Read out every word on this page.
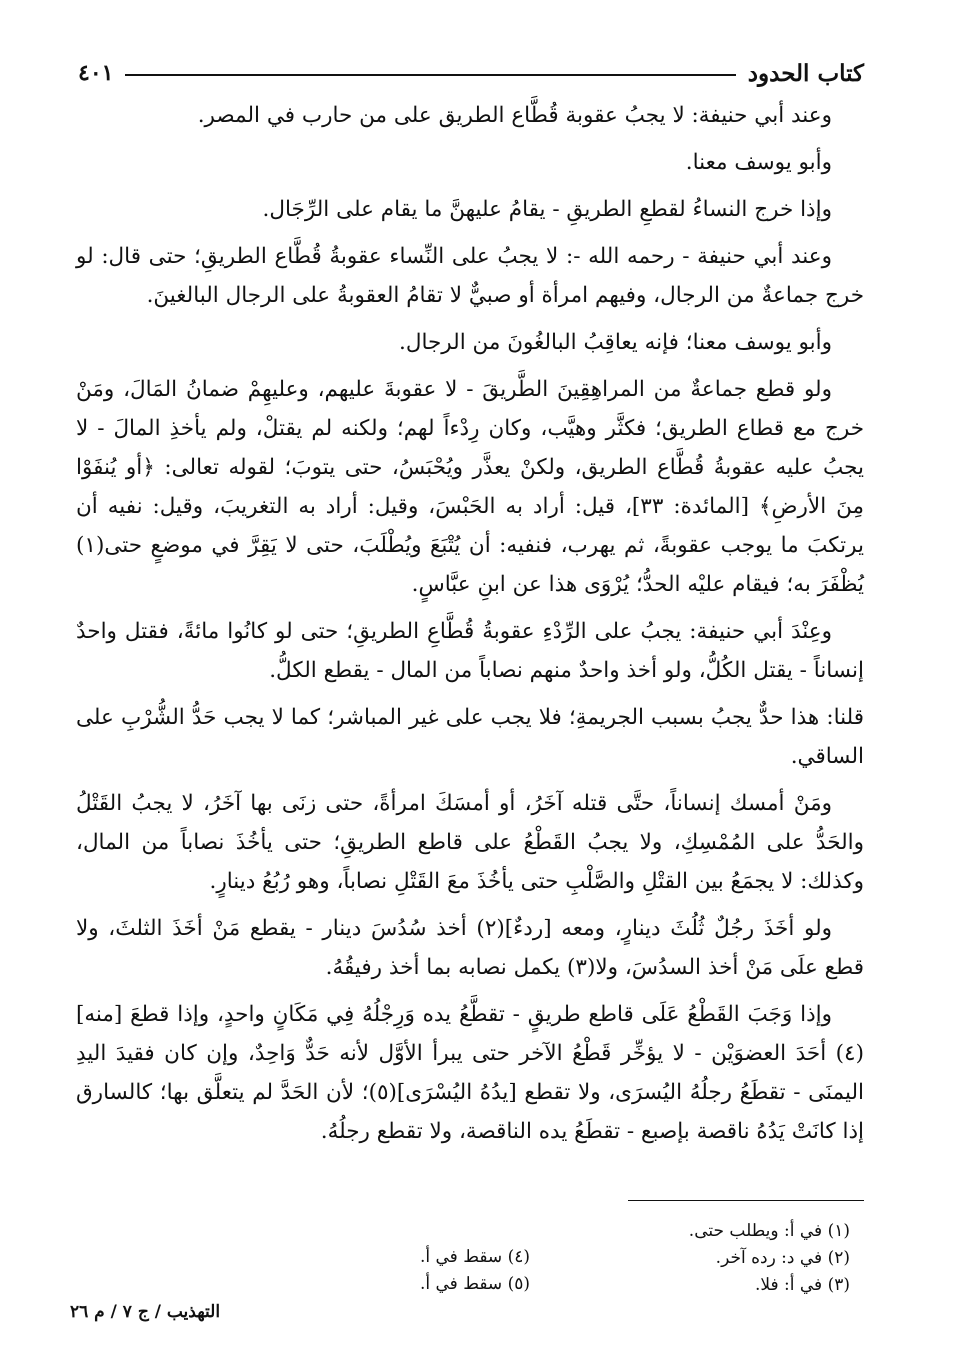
كتاب الحدود
٤٠١

وعند أبي حنيفة: لا يجبُ عقوبة قُطَّاع الطريق على من حارب في المصر.

وأبو يوسف معنا.

وإذا خرج النساءُ لقطعِ الطريقِ - يقامُ عليهنَّ ما يقام على الرِّجَال.

وعند أبي حنيفة - رحمه الله -: لا يجبُ على النِّساء عقوبةُ قُطَّاع الطريقِ؛ حتى قال: لو خرج جماعةٌ من الرجال، وفيهم امرأة أو صبيٌّ لا تقامُ العقوبةُ على الرجال البالغينَ.

وأبو يوسف معنا؛ فإنه يعاقِبُ البالغُونَ من الرجال.

ولو قطع جماعةٌ من المراهِقِينَ الطَّريقَ - لا عقوبةَ عليهم، وعليهِمْ ضمانُ المَالَ، ومَنْ خرج مع قطاع الطريق؛ فكثَّر وهيَّب، وكان رِدْءاً لهم؛ ولكنه لم يقتلْ، ولم يأخذِ المالَ - لا يجبُ عليه عقوبةُ قُطَّاع الطريق، ولكنْ يعذَّر ويُحْبَسُ، حتى يتوبَ؛ لقوله تعالى: ﴿أو يُنفَوْا مِنَ الأرضِ﴾ [المائدة: ٣٣]، قيل: أراد به الحَبْسَ، وقيل: أراد به التغريبَ، وقيل: نفيه أن يرتكبَ ما يوجب عقوبةً، ثم يهرب، فنفيه: أن يُتْبَعَ ويُطْلَبَ، حتى لا يَقِرَّ في موضعٍ حتى(١) يُظْفَرَ به؛ فيقام عليْه الحدُّ؛ يُرْوَى هذا عن ابنِ عبَّاسٍ.

وعِنْدَ أبي حنيفة: يجبُ على الرِّدْءِ عقوبةُ قُطَّاعِ الطريقِ؛ حتى لو كانُوا مائةً، فقتل واحدٌ إنساناً - يقتل الكُلُّ، ولو أخذ واحدٌ منهم نصاباً من المال - يقطع الكلُّ.

قلنا: هذا حدٌّ يجبُ بسبب الجريمةِ؛ فلا يجب على غير المباشر؛ كما لا يجب حَدُّ الشُّرْبِ على الساقي.

ومَنْ أمسك إنساناً، حتَّى قتله آخَرُ، أو أمسَكَ امرأةً، حتى زنَى بها آخَرُ، لا يجبُ القَتْلُ والحَدُّ على المُمْسِكِ، ولا يجبُ القَطْعُ على قاطع الطريقِ؛ حتى يأخُذَ نصاباً من المال، وكذلك: لا يجمَعُ بين القتْلِ والصَّلْبِ حتى يأخُذَ معَ القَتْلِ نصاباً، وهو رُبُعُ دينارٍ.

ولو أخَذَ رجُلٌ ثُلُثَ دينارٍ، ومعه [ردءٌ](٢) أخذ سُدُسَ دينار - يقطع مَنْ أخَذَ الثلثَ، ولا قطع علَى مَنْ أخذ السدُسَ، ولا(٣) يكمل نصابه بما أخذ رفيقُهُ.

وإذا وَجَبَ القَطْعُ عَلَى قاطع طريقٍ - تقطَّعُ يده وَرِجْلُهُ فِي مَكَانٍ واحدٍ، وإذا قطعَ [منه](٤) أحَدَ العضوَيْن - لا يؤخِّر قَطْعُ الآخر حتى يبرأ الأوَّل لأنه حَدٌّ وَاحِدٌ، وإن كان فقيدَ اليدِ اليمنَى - تقطَعُ رجلُهُ اليُسرَى، ولا تقطع [يدُهُ اليُسْرَى](٥)؛ لأن الحَدَّ لم يتعلَّق بها؛ كالسارق إذا كانَتْ يَدُهُ ناقصة بإصبع - تقطَعُ يده الناقصة، ولا تقطع رجلُهُ.

(١) في أ: ويطلب حتى.
(٢) في د: رده آخر.
(٣) في أ: فلا.
(٤) سقط في أ.
(٥) سقط في أ.
التهذيب / ج ٧ / م ٢٦
